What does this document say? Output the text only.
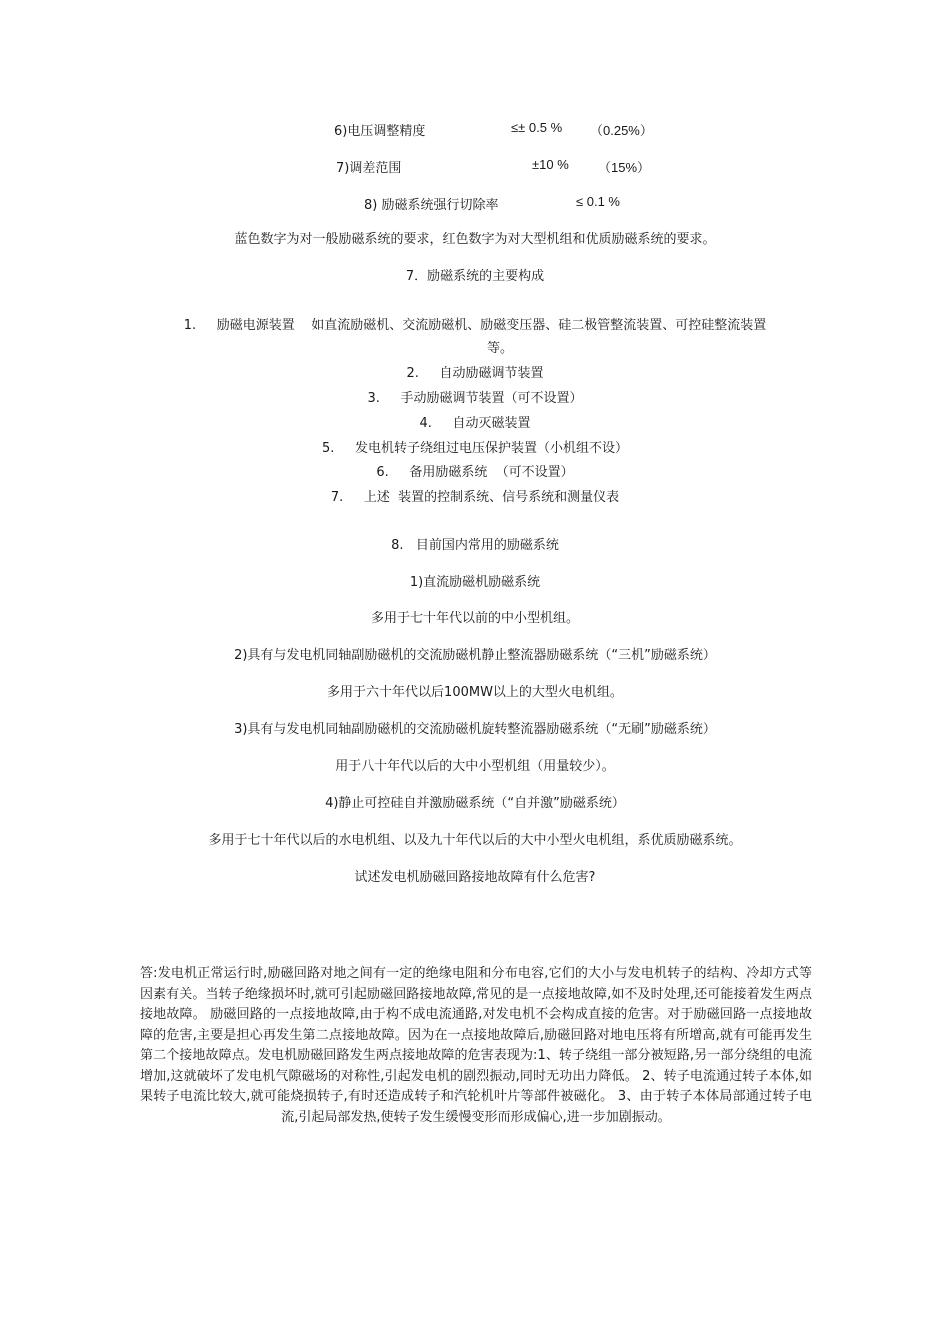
6)电压调整精度	≤± 0.5 % （0.25%）
7)调差范围	±10 % （15%）
8) 励磁系统强行切除率	≤ 0.1 %
蓝色数字为对一般励磁系统的要求，红色数字为对大型机组和优质励磁系统的要求。
7．励磁系统的主要构成
1.     励磁电源装置    如直流励磁机、交流励磁机、励磁变压器、硅二极管整流装置、可控硅整流装置
等。
2.     自动励磁调节装置
3.     手动励磁调节装置（可不设置）
4.     自动灭磁装置
5.     发电机转子绕组过电压保护装置（小机组不设）
6.     备用励磁系统  （可不设置）
7.     上述  装置的控制系统、信号系统和测量仪表
8.   目前国内常用的励磁系统
1)直流励磁机励磁系统
多用于七十年代以前的中小型机组。
2)具有与发电机同轴副励磁机的交流励磁机静止整流器励磁系统（“三机”励磁系统）
多用于六十年代以后100MW以上的大型火电机组。
3)具有与发电机同轴副励磁机的交流励磁机旋转整流器励磁系统（“无刷”励磁系统）
用于八十年代以后的大中小型机组（用量较少）。
4)静止可控硅自并激励磁系统（“自并激”励磁系统）
多用于七十年代以后的水电机组、以及九十年代以后的大中小型火电机组，系优质励磁系统。
试述发电机励磁回路接地故障有什么危害?
答:发电机正常运行时,励磁回路对地之间有一定的绝缘电阻和分布电容,它们的大小与发电机转子的结构、冷却方式等因素有关。当转子绝缘损坏时,就可引起励磁回路接地故障,常见的是一点接地故障,如不及时处理,还可能接着发生两点接地故障。 励磁回路的一点接地故障,由于构不成电流通路,对发电机不会构成直接的危害。对于励磁回路一点接地故障的危害,主要是担心再发生第二点接地故障。因为在一点接地故障后,励磁回路对地电压将有所增高,就有可能再发生第二个接地故障点。发电机励磁回路发生两点接地故障的危害表现为:1、转子绕组一部分被短路,另一部分绕组的电流增加,这就破坏了发电机气隙磁场的对称性,引起发电机的剧烈振动,同时无功出力降低。 2、转子电流通过转子本体,如果转子电流比较大,就可能烧损转子,有时还造成转子和汽轮机叶片等部件被磁化。 3、由于转子本体局部通过转子电流,引起局部发热,使转子发生缓慢变形而形成偏心,进一步加剧振动。
